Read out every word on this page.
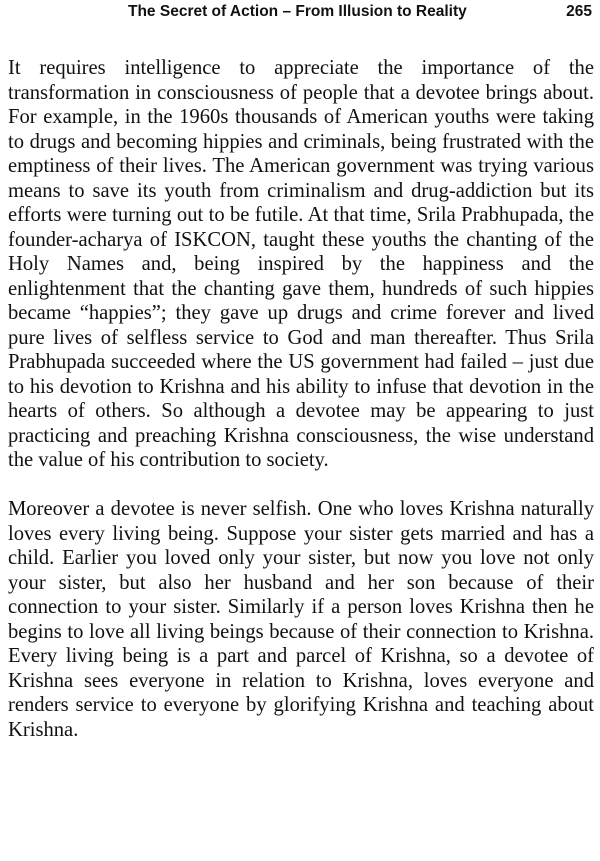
The Secret of Action – From Illusion to Reality	265

It requires intelligence to appreciate the importance of the transformation in consciousness of people that a devotee brings about. For example, in the 1960s thousands of American youths were taking to drugs and becoming hippies and criminals, being frustrated with the emptiness of their lives. The American government was trying various means to save its youth from criminalism and drug-addiction but its efforts were turning out to be futile. At that time, Srila Prabhupada, the founder-acharya of ISKCON, taught these youths the chanting of the Holy Names and, being inspired by the happiness and the enlightenment that the chanting gave them, hundreds of such hippies became “happies”; they gave up drugs and crime forever and lived pure lives of selfless service to God and man thereafter. Thus Srila Prabhupada succeeded where the US government had failed – just due to his devotion to Krishna and his ability to infuse that devotion in the hearts of others. So although a devotee may be appearing to just practicing and preaching Krishna consciousness, the wise understand the value of his contribution to society.

Moreover a devotee is never selfish. One who loves Krishna naturally loves every living being. Suppose your sister gets married and has a child. Earlier you loved only your sister, but now you love not only your sister, but also her husband and her son because of their connection to your sister. Similarly if a person loves Krishna then he begins to love all living beings because of their connection to Krishna. Every living being is a part and parcel of Krishna, so a devotee of Krishna sees everyone in relation to Krishna, loves everyone and renders service to everyone by glorifying Krishna and teaching about Krishna.
